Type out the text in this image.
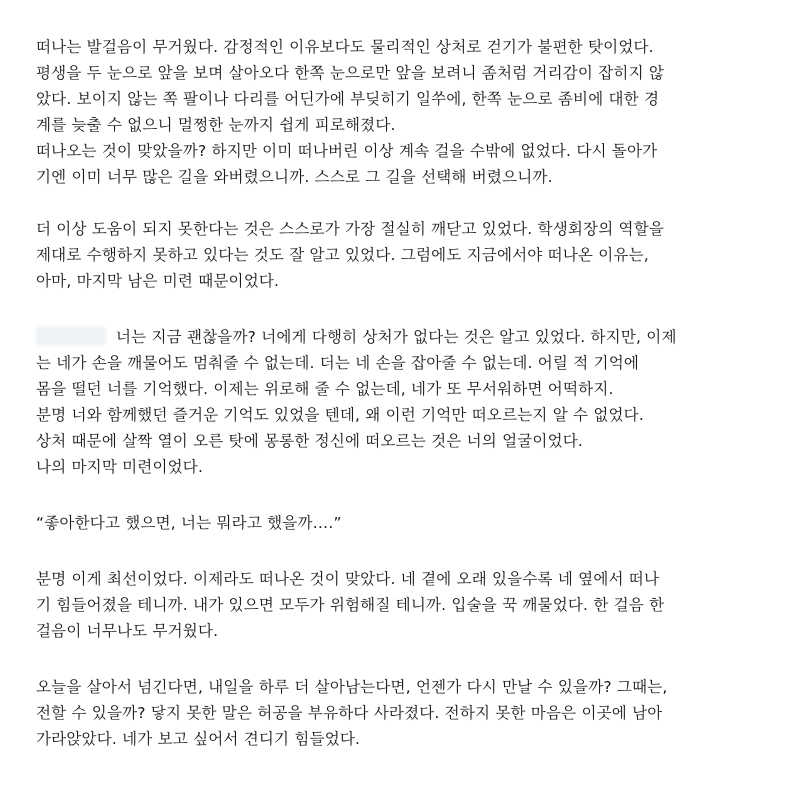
떠나는 발걸음이 무거웠다. 감정적인 이유보다도 물리적인 상처로 걷기가 불편한 탓이었다.
평생을 두 눈으로 앞을 보며 살아오다 한쪽 눈으로만 앞을 보려니 좀처럼 거리감이 잡히지 않
았다. 보이지 않는 쪽 팔이나 다리를 어딘가에 부딪히기 일쑤에, 한쪽 눈으로 좀비에 대한 경
계를 늦출 수 없으니 멀쩡한 눈까지 쉽게 피로해졌다.
떠나오는 것이 맞았을까? 하지만 이미 떠나버린 이상 계속 걸을 수밖에 없었다. 다시 돌아가
기엔 이미 너무 많은 길을 와버렸으니까. 스스로 그 길을 선택해 버렸으니까.
더 이상 도움이 되지 못한다는 것은 스스로가 가장 절실히 깨닫고 있었다. 학생회장의 역할을
제대로 수행하지 못하고 있다는 것도 잘 알고 있었다. 그럼에도 지금에서야 떠나온 이유는,
아마, 마지막 남은 미련 때문이었다.
너는 지금 괜찮을까? 너에게 다행히 상처가 없다는 것은 알고 있었다. 하지만, 이제
는 네가 손을 깨물어도 멈춰줄 수 없는데. 더는 네 손을 잡아줄 수 없는데. 어릴 적 기억에
몸을 떨던 너를 기억했다. 이제는 위로해 줄 수 없는데, 네가 또 무서워하면 어떡하지.
분명 너와 함께했던 즐거운 기억도 있었을 텐데, 왜 이런 기억만 떠오르는지 알 수 없었다.
상처 때문에 살짝 열이 오른 탓에 몽롱한 정신에 떠오르는 것은 너의 얼굴이었다.
나의 마지막 미련이었다.
“좋아한다고 했으면, 너는 뭐라고 했을까….”
분명 이게 최선이었다. 이제라도 떠나온 것이 맞았다. 네 곁에 오래 있을수록 네 옆에서 떠나
기 힘들어졌을 테니까. 내가 있으면 모두가 위험해질 테니까. 입술을 꾹 깨물었다. 한 걸음 한
걸음이 너무나도 무거웠다.
오늘을 살아서 넘긴다면, 내일을 하루 더 살아남는다면, 언젠가 다시 만날 수 있을까? 그때는,
전할 수 있을까? 닿지 못한 말은 허공을 부유하다 사라졌다. 전하지 못한 마음은 이곳에 남아
가라앉았다. 네가 보고 싶어서 견디기 힘들었다.
